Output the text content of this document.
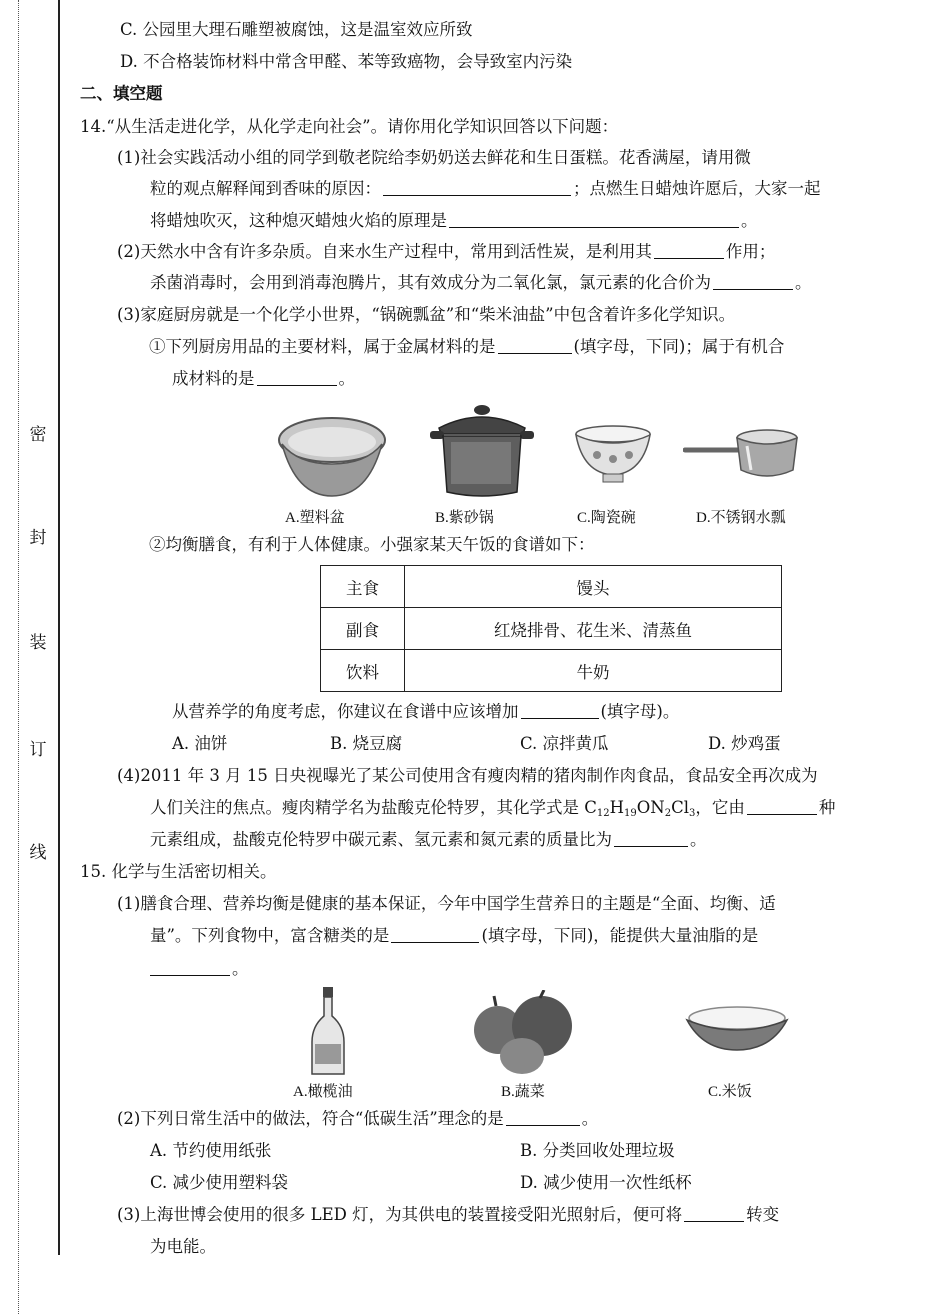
密
封
装
订
线
C. 公园里大理石雕塑被腐蚀，这是温室效应所致
D. 不合格装饰材料中常含甲醛、苯等致癌物，会导致室内污染
二、填空题
14.“从生活走进化学，从化学走向社会”。请你用化学知识回答以下问题：
(1)社会实践活动小组的同学到敬老院给李奶奶送去鲜花和生日蛋糕。花香满屋，请用微
粒的观点解释闻到香味的原因：	；点燃生日蜡烛许愿后，大家一起
将蜡烛吹灭，这种熄灭蜡烛火焰的原理是	。
(2)天然水中含有许多杂质。自来水生产过程中，常用到活性炭，是利用其	作用；
杀菌消毒时，会用到消毒泡腾片，其有效成分为二氧化氯，氯元素的化合价为	。
(3)家庭厨房就是一个化学小世界，“锅碗瓢盆”和“柴米油盐”中包含着许多化学知识。
①下列厨房用品的主要材料，属于金属材料的是	(填字母，下同)；属于有机合
成材料的是	。
A.塑料盆	B.紫砂锅	C.陶瓷碗	D.不锈钢水瓢
②均衡膳食，有利于人体健康。小强家某天午饭的食谱如下：
主食	馒头
副食	红烧排骨、花生米、清蒸鱼
饮料	牛奶
从营养学的角度考虑，你建议在食谱中应该增加	(填字母)。
A. 油饼	B. 烧豆腐	C. 凉拌黄瓜	D. 炒鸡蛋
(4)2011 年 3 月 15 日央视曝光了某公司使用含有瘦肉精的猪肉制作肉食品，食品安全再次成为
人们关注的焦点。瘦肉精学名为盐酸克伦特罗，其化学式是 $C_{12}H_{19}ON_2Cl_3$，它由	种
元素组成，盐酸克伦特罗中碳元素、氢元素和氮元素的质量比为	。
15. 化学与生活密切相关。
(1)膳食合理、营养均衡是健康的基本保证，今年中国学生营养日的主题是“全面、均衡、适
量”。下列食物中，富含糖类的是	(填字母，下同)，能提供大量油脂的是
。
A.橄榄油	B.蔬菜	C.米饭
(2)下列日常生活中的做法，符合“低碳生活”理念的是	。
A. 节约使用纸张	B. 分类回收处理垃圾
C. 减少使用塑料袋	D. 减少使用一次性纸杯
(3)上海世博会使用的很多 LED 灯，为其供电的装置接受阳光照射后，便可将	转变
为电能。
